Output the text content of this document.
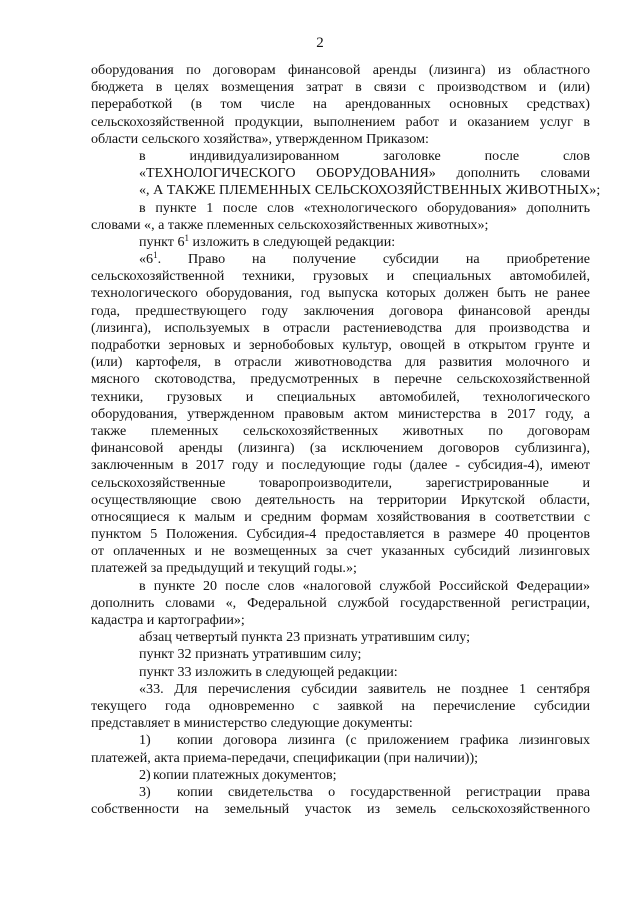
2
оборудования по договорам финансовой аренды (лизинга) из областного
бюджета в целях возмещения затрат в связи с производством и (или)
переработкой (в том числе на арендованных основных средствах)
сельскохозяйственной продукции, выполнением работ и оказанием услуг в
области сельского хозяйства», утвержденном Приказом:
в индивидуализированном заголовке после слов
«ТЕХНОЛОГИЧЕСКОГО ОБОРУДОВАНИЯ» дополнить словами
«, А ТАКЖЕ ПЛЕМЕННЫХ СЕЛЬСКОХОЗЯЙСТВЕННЫХ ЖИВОТНЫХ»;
в пункте 1 после слов «технологического оборудования» дополнить
словами «, а также племенных сельскохозяйственных животных»;
пункт $6^1$ изложить в следующей редакции:
«$6^1$. Право на получение субсидии на приобретение
сельскохозяйственной техники, грузовых и специальных автомобилей,
технологического оборудования, год выпуска которых должен быть не ранее
года, предшествующего году заключения договора финансовой аренды
(лизинга), используемых в отрасли растениеводства для производства и
подработки зерновых и зернобобовых культур, овощей в открытом грунте и
(или) картофеля, в отрасли животноводства для развития молочного и
мясного скотоводства, предусмотренных в перечне сельскохозяйственной
техники, грузовых и специальных автомобилей, технологического
оборудования, утвержденном правовым актом министерства в 2017 году, а
также племенных сельскохозяйственных животных по договорам
финансовой аренды (лизинга) (за исключением договоров сублизинга),
заключенным в 2017 году и последующие годы (далее - субсидия-4), имеют
сельскохозяйственные товаропроизводители, зарегистрированные и
осуществляющие свою деятельность на территории Иркутской области,
относящиеся к малым и средним формам хозяйствования в соответствии с
пунктом 5 Положения. Субсидия-4 предоставляется в размере 40 процентов
от оплаченных и не возмещенных за счет указанных субсидий лизинговых
платежей за предыдущий и текущий годы.»;
в пункте 20 после слов «налоговой службой Российской Федерации»
дополнить словами «, Федеральной службой государственной регистрации,
кадастра и картографии»;
абзац четвертый пункта 23 признать утратившим силу;
пункт 32 признать утратившим силу;
пункт 33 изложить в следующей редакции:
«33. Для перечисления субсидии заявитель не позднее 1 сентября
текущего года одновременно с заявкой на перечисление субсидии
представляет в министерство следующие документы:
1) копии договора лизинга (с приложением графика лизинговых
платежей, акта приема-передачи, спецификации (при наличии));
2) копии платежных документов;
3) копии свидетельства о государственной регистрации права
собственности на земельный участок из земель сельскохозяйственного
